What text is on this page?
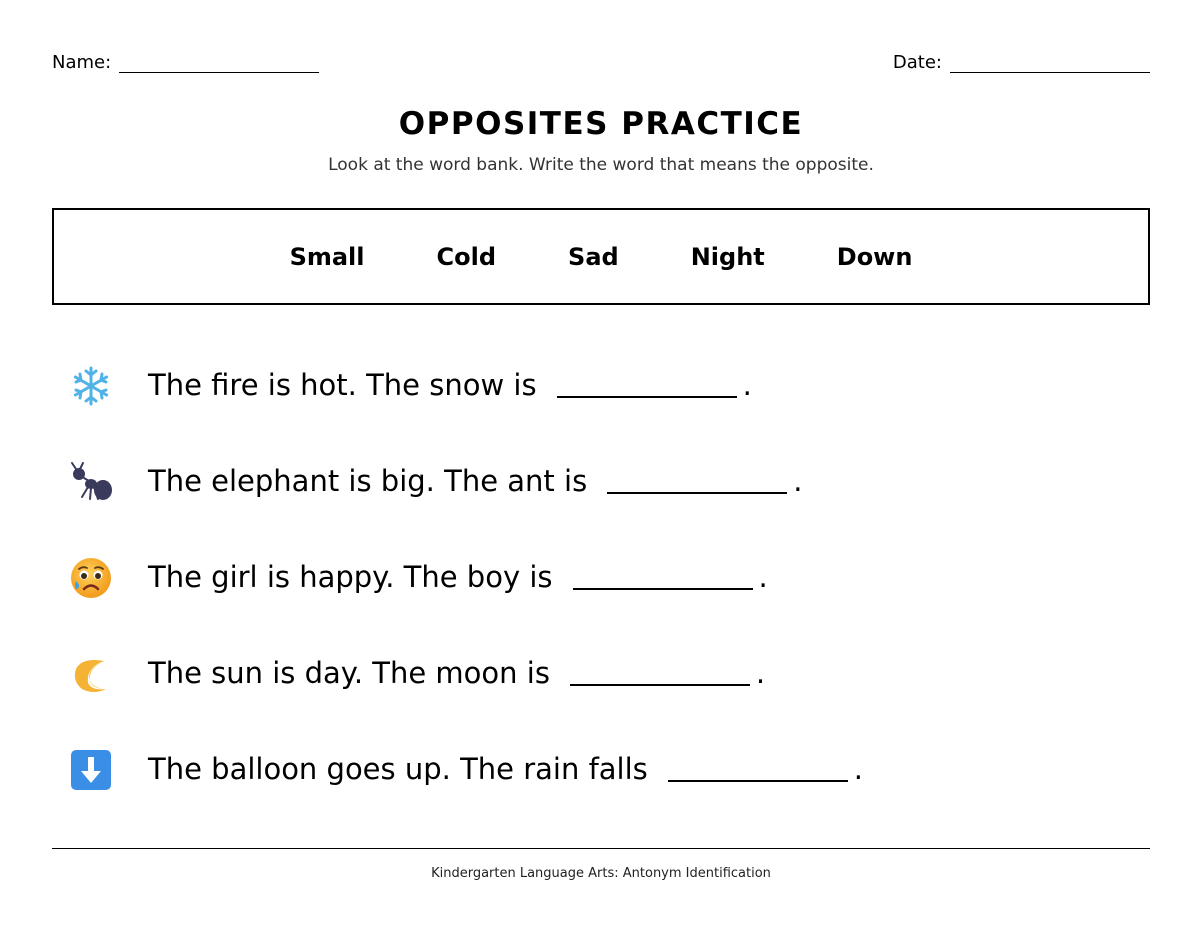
Name:	Date:
OPPOSITES PRACTICE

Look at the word bank. Write the word that means the opposite.

Small	Cold	Sad	Night	Down
The fire is hot. The snow is	.
The elephant is big. The ant is	.
The girl is happy. The boy is	.
The sun is day. The moon is	.
The balloon goes up. The rain falls	.
Kindergarten Language Arts: Antonym Identification
